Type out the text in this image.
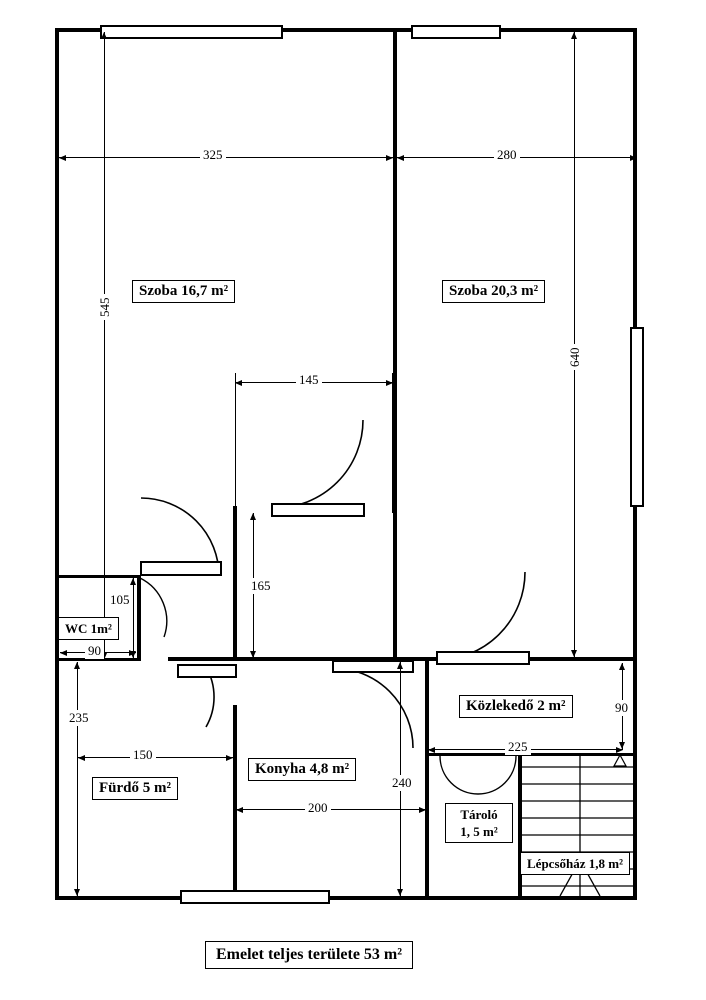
325	280
545
640
145
165
105
90
235
150
200
240
225
90
Szoba 16,7 m²	Szoba 20,3 m²
WC 1m²
Fürdő 5 m²
Konyha 4,8 m²
Közlekedő 2 m²
Tároló
1, 5 m²
Lépcsőház 1,8 m²
Emelet teljes területe 53 m²
